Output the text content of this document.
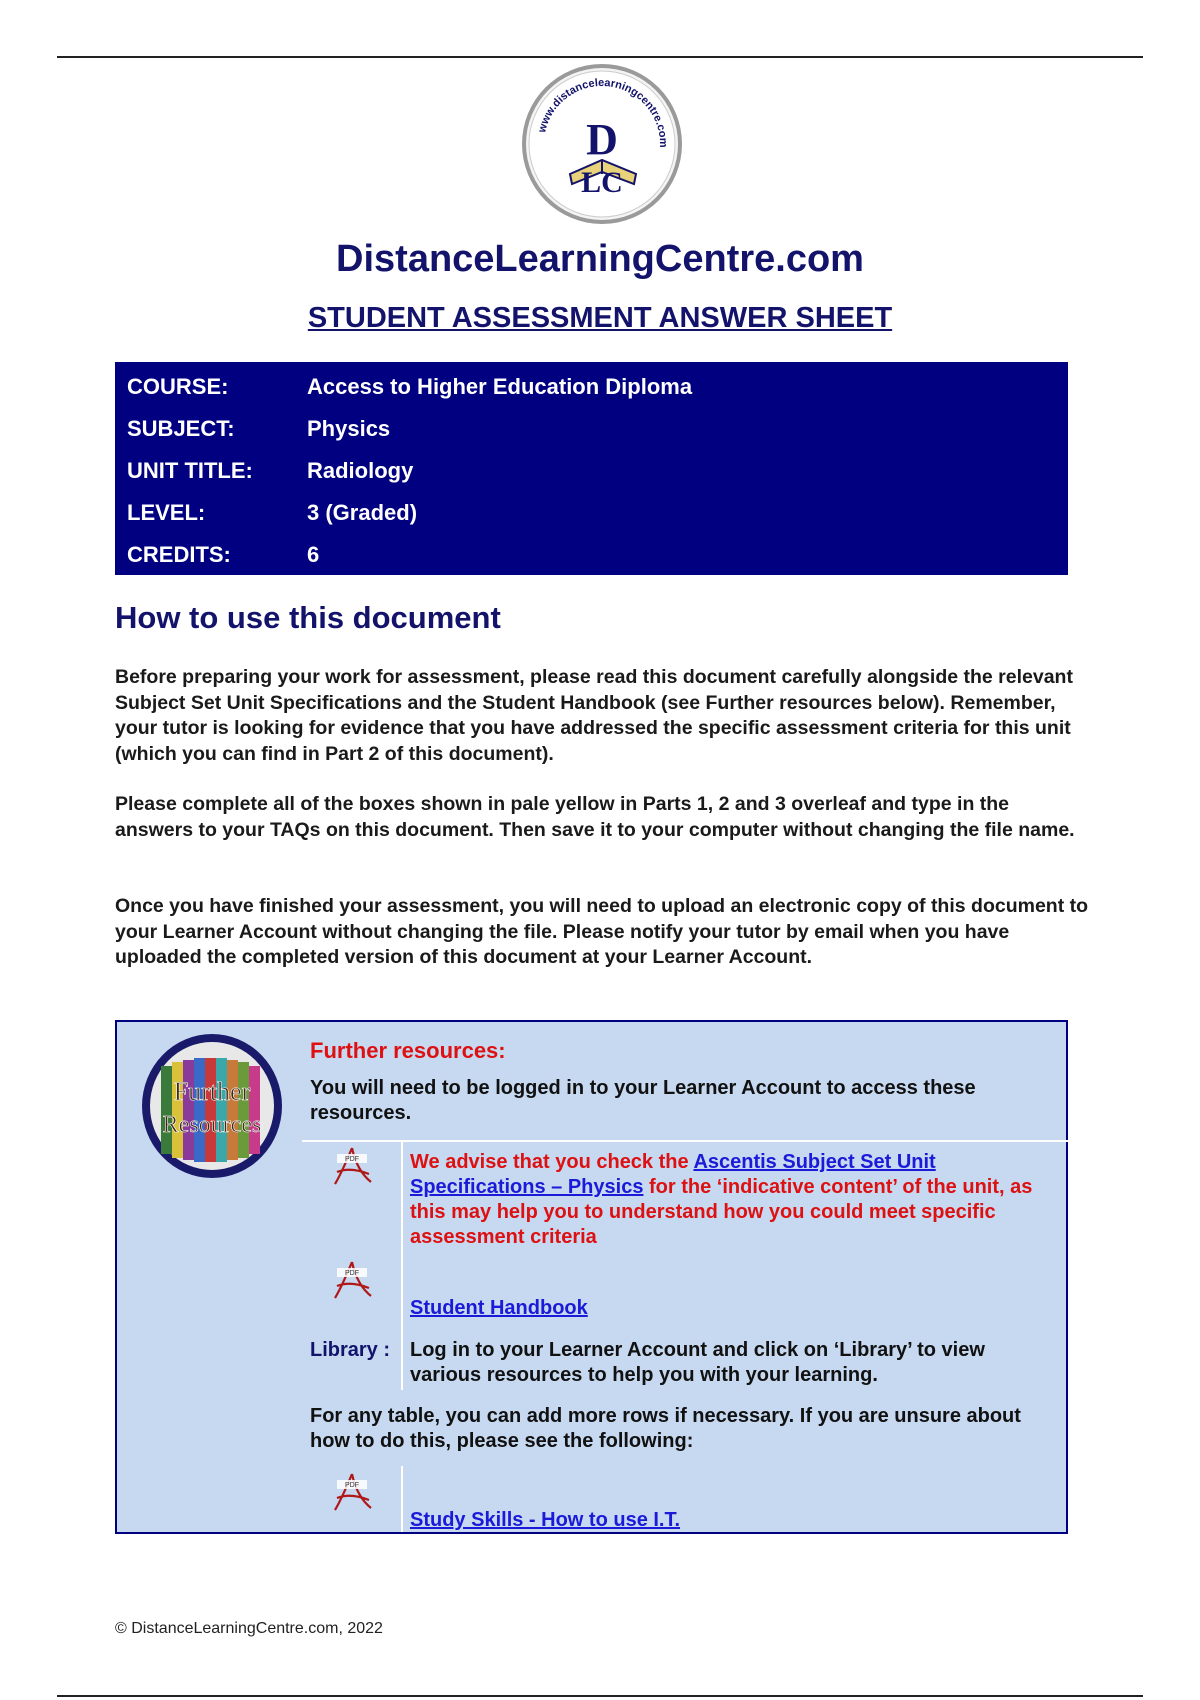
www.distancelearningcentre.com
D
LC
DistanceLearningCentre.com
STUDENT ASSESSMENT ANSWER SHEET
COURSE:	Access to Higher Education Diploma
SUBJECT:	Physics
UNIT TITLE:	Radiology
LEVEL:	3 (Graded)
CREDITS:	6
How to use this document
Before preparing your work for assessment, please read this document carefully alongside the relevant Subject Set Unit Specifications and the Student Handbook (see Further resources below). Remember, your tutor is looking for evidence that you have addressed the specific assessment criteria for this unit (which you can find in Part 2 of this document).
Please complete all of the boxes shown in pale yellow in Parts 1, 2 and 3 overleaf and type in the answers to your TAQs on this document. Then save it to your computer without changing the file name.
Once you have finished your assessment, you will need to upload an electronic copy of this document to your Learner Account without changing the file. Please notify your tutor by email when you have uploaded the completed version of this document at your Learner Account.
Further
Resources
Further resources:
You will need to be logged in to your Learner Account to access these resources.
PDF	We advise that you check the Ascentis Subject Set Unit Specifications – Physics for the ‘indicative content’ of the unit, as this may help you to understand how you could meet specific assessment criteria
PDF
Student Handbook
Library : Log in to your Learner Account and click on ‘Library’ to view various resources to help you with your learning.
For any table, you can add more rows if necessary. If you are unsure about how to do this, please see the following:
PDF
Study Skills - How to use I.T.
© DistanceLearningCentre.com, 2022
